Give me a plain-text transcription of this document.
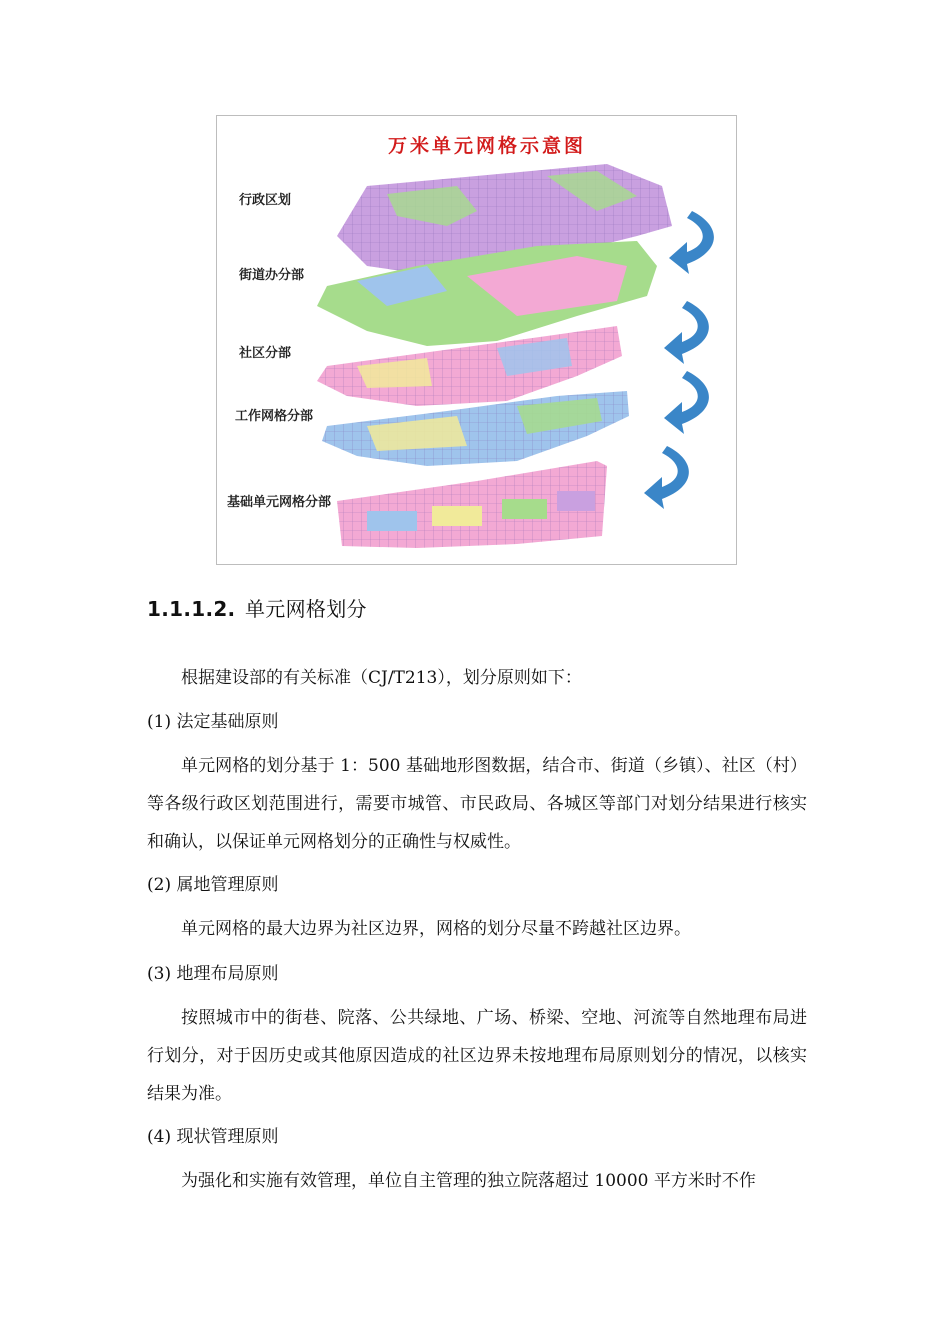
万米单元网格示意图
行政区划
街道办分部
社区分部
工作网格分部
基础单元网格分部
1.1.1.2. 单元网格划分

根据建设部的有关标准（CJ/T213），划分原则如下：

(1) 法定基础原则

单元网格的划分基于 1：500 基础地形图数据，结合市、街道（乡镇）、社区（村）等各级行政区划范围进行，需要市城管、市民政局、各城区等部门对划分结果进行核实和确认，以保证单元网格划分的正确性与权威性。

(2) 属地管理原则

单元网格的最大边界为社区边界，网格的划分尽量不跨越社区边界。

(3) 地理布局原则

按照城市中的街巷、院落、公共绿地、广场、桥梁、空地、河流等自然地理布局进行划分，对于因历史或其他原因造成的社区边界未按地理布局原则划分的情况，以核实结果为准。

(4) 现状管理原则

为强化和实施有效管理，单位自主管理的独立院落超过 10000 平方米时不作
